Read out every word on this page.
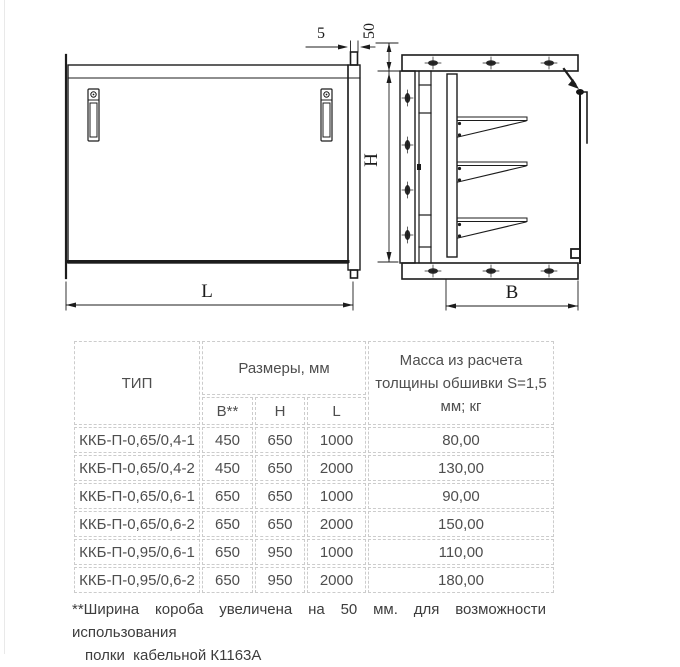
5 50
H
L	B
ТИП	Размеры, мм			Масса из расчета толщины обшивки S=1,5 мм; кг
	В**	H	L	
ККБ-П-0,65/0,4-1	450	650	1000	80,00
ККБ-П-0,65/0,4-2	450	650	2000	130,00
ККБ-П-0,65/0,6-1	650	650	1000	90,00
ККБ-П-0,65/0,6-2	650	650	2000	150,00
ККБ-П-0,95/0,6-1	650	950	1000	110,00
ККБ-П-0,95/0,6-2	650	950	2000	180,00
**Ширина короба увеличена на 50 мм. для возможности использования
полки  кабельной К1163А
